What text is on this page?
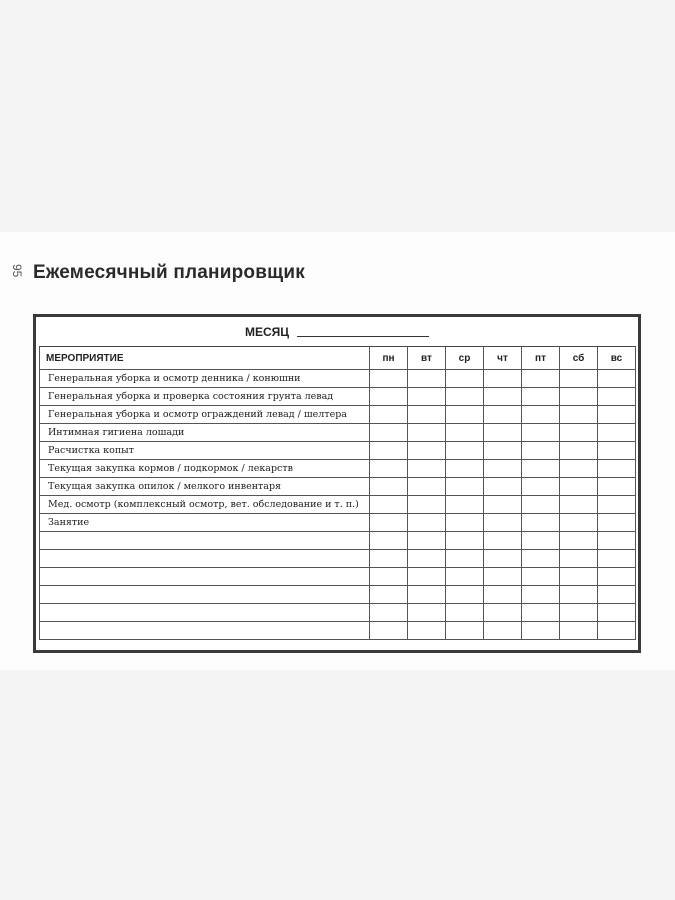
95 Ежемесячный планировщик
МЕСЯЦ
МЕРОПРИЯТИЕ	пн	вт	ср	чт	пт	сб	вс
Генеральная уборка и осмотр денника / конюшни							
Генеральная уборка и проверка состояния грунта левад							
Генеральная уборка и осмотр ограждений левад / шелтера							
Интимная гигиена лошади							
Расчистка копыт							
Текущая закупка кормов / подкормок / лекарств							
Текущая закупка опилок / мелкого инвентаря							
Мед. осмотр (комплексный осмотр, вет. обследование и т. п.)							
Занятие							
